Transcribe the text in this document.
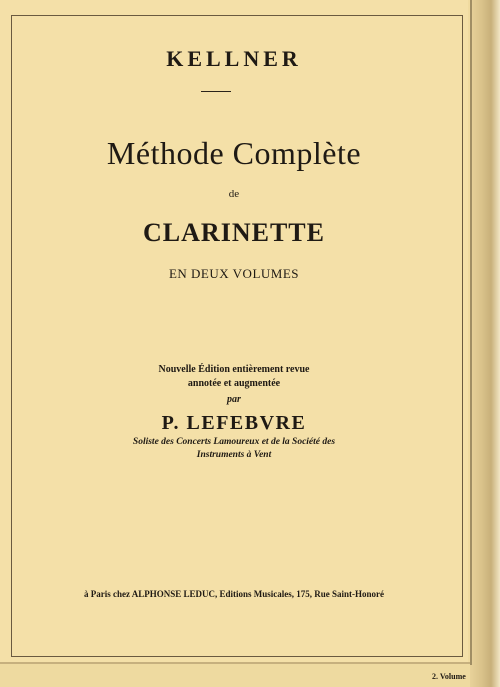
KELLNER
Méthode Complète
de
CLARINETTE
EN DEUX VOLUMES
Nouvelle Édition entièrement revue
annotée et augmentée
par
P. LEFEBVRE
Soliste des Concerts Lamoureux et de la Société des
Instruments à Vent
à Paris chez ALPHONSE LEDUC, Editions Musicales, 175, Rue Saint-Honoré
2. Volume
